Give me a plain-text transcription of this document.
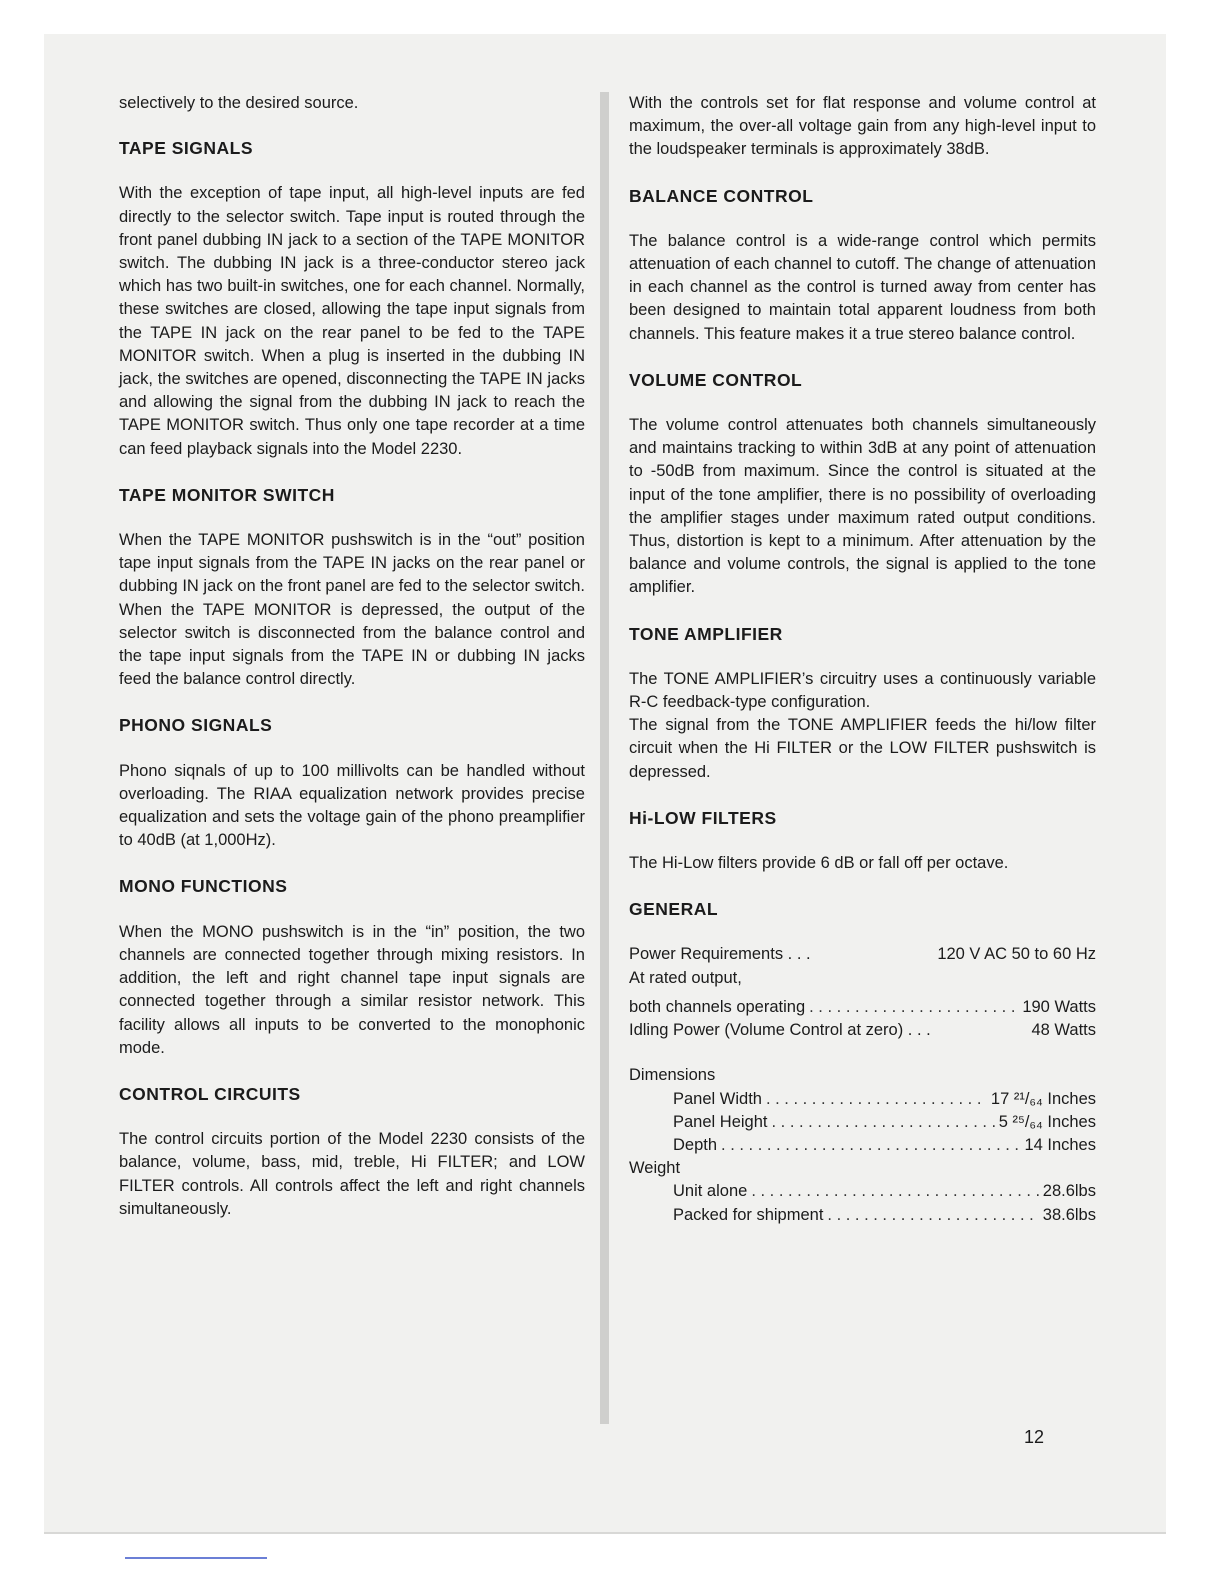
selectively to the desired source.

TAPE SIGNALS

With the exception of tape input, all high-level inputs are fed directly to the selector switch. Tape input is routed through the front panel dubbing IN jack to a section of the TAPE MONITOR switch. The dubbing IN jack is a three-conductor stereo jack which has two built-in switches, one for each channel. Normally, these switches are closed, allowing the tape input signals from the TAPE IN jack on the rear panel to be fed to the TAPE MONITOR switch. When a plug is inserted in the dubbing IN jack, the switches are opened, disconnecting the TAPE IN jacks and allowing the signal from the dubbing IN jack to reach the TAPE MONITOR switch. Thus only one tape recorder at a time can feed playback signals into the Model 2230.

TAPE MONITOR SWITCH

When the TAPE MONITOR pushswitch is in the “out” position tape input signals from the TAPE IN jacks on the rear panel or dubbing IN jack on the front panel are fed to the selector switch. When the TAPE MONITOR is depressed, the output of the selector switch is disconnected from the balance control and the tape input signals from the TAPE IN or dubbing IN jacks feed the balance control directly.

PHONO SIGNALS

Phono siqnals of up to 100 millivolts can be handled without overloading. The RIAA equalization network provides precise equalization and sets the voltage gain of the phono preamplifier to 40dB (at 1,000Hz).

MONO FUNCTIONS

When the MONO pushswitch is in the “in” position, the two channels are connected together through mixing resistors. In addition, the left and right channel tape input signals are connected together through a similar resistor network. This facility allows all inputs to be converted to the monophonic mode.

CONTROL CIRCUITS

The control circuits portion of the Model 2230 consists of the balance, volume, bass, mid, treble, Hi FILTER; and LOW FILTER controls. All controls affect the left and right channels simultaneously.

With the controls set for flat response and volume control at maximum, the over-all voltage gain from any high-level input to the loudspeaker terminals is approximately 38dB.

BALANCE CONTROL

The balance control is a wide-range control which permits attenuation of each channel to cutoff. The change of attenuation in each channel as the control is turned away from center has been designed to maintain total apparent loudness from both channels. This feature makes it a true stereo balance control.

VOLUME CONTROL

The volume control attenuates both channels simultaneously and maintains tracking to within 3dB at any point of attenuation to -50dB from maximum. Since the control is situated at the input of the tone amplifier, there is no possibility of overloading the amplifier stages under maximum rated output conditions. Thus, distortion is kept to a minimum. After attenuation by the balance and volume controls, the signal is applied to the tone amplifier.

TONE AMPLIFIER

The TONE AMPLIFIER’s circuitry uses a continuously variable R-C feedback-type configuration.

The signal from the TONE AMPLIFIER feeds the hi/low filter circuit when the Hi FILTER or the LOW FILTER pushswitch is depressed.

Hi-LOW FILTERS

The Hi-Low filters provide 6 dB or fall off per octave.

GENERAL
Power Requirements . . .	120 V AC 50 to 60 Hz
At rated output,
both channels operating . . .	190 Watts
Idling Power (Volume Control at zero) . . .	48 Watts
Dimensions
Panel Width . . .	17 ²¹/₆₄ Inches
Panel Height . . .	5 ²⁵/₆₄ Inches
Depth . . .	14 Inches
Weight
Unit alone . . .	28.6lbs
Packed for shipment . . .	38.6lbs
12
